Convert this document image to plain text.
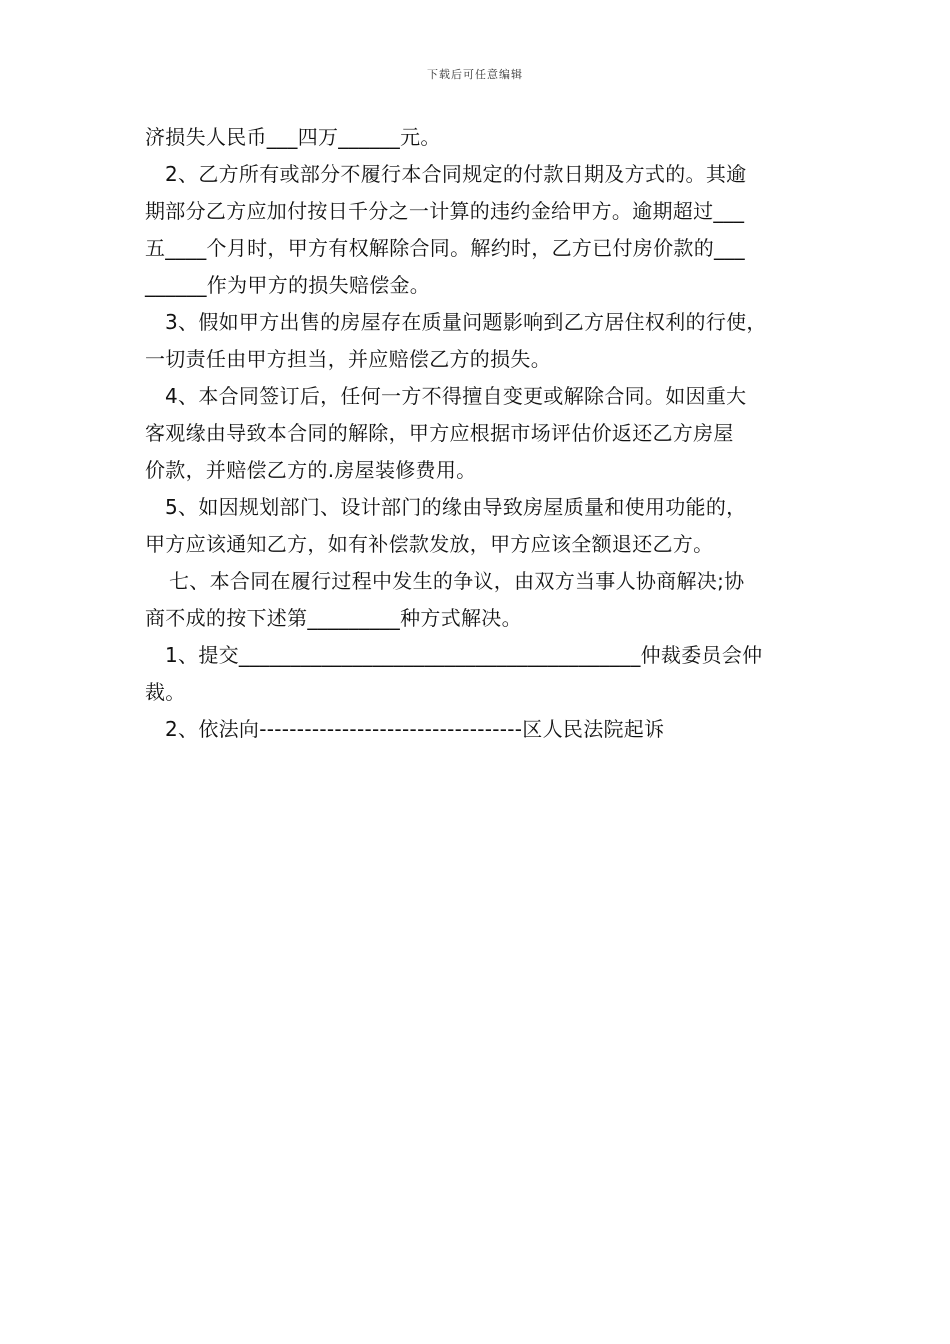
下载后可任意编辑
济损失人民币___四万______元。
2、乙方所有或部分不履行本合同规定的付款日期及方式的。其逾
期部分乙方应加付按日千分之一计算的违约金给甲方。逾期超过___
五____个月时，甲方有权解除合同。解约时，乙方已付房价款的___
______作为甲方的损失赔偿金。
3、假如甲方出售的房屋存在质量问题影响到乙方居住权利的行使，
一切责任由甲方担当，并应赔偿乙方的损失。
4、本合同签订后，任何一方不得擅自变更或解除合同。如因重大
客观缘由导致本合同的解除，甲方应根据市场评估价返还乙方房屋
价款，并赔偿乙方的.房屋装修费用。
5、如因规划部门、设计部门的缘由导致房屋质量和使用功能的，
甲方应该通知乙方，如有补偿款发放，甲方应该全额退还乙方。
七、本合同在履行过程中发生的争议，由双方当事人协商解决;协
商不成的按下述第_________种方式解决。
1、提交_______________________________________仲裁委员会仲
裁。
2、依法向-----------------------------------区人民法院起诉
